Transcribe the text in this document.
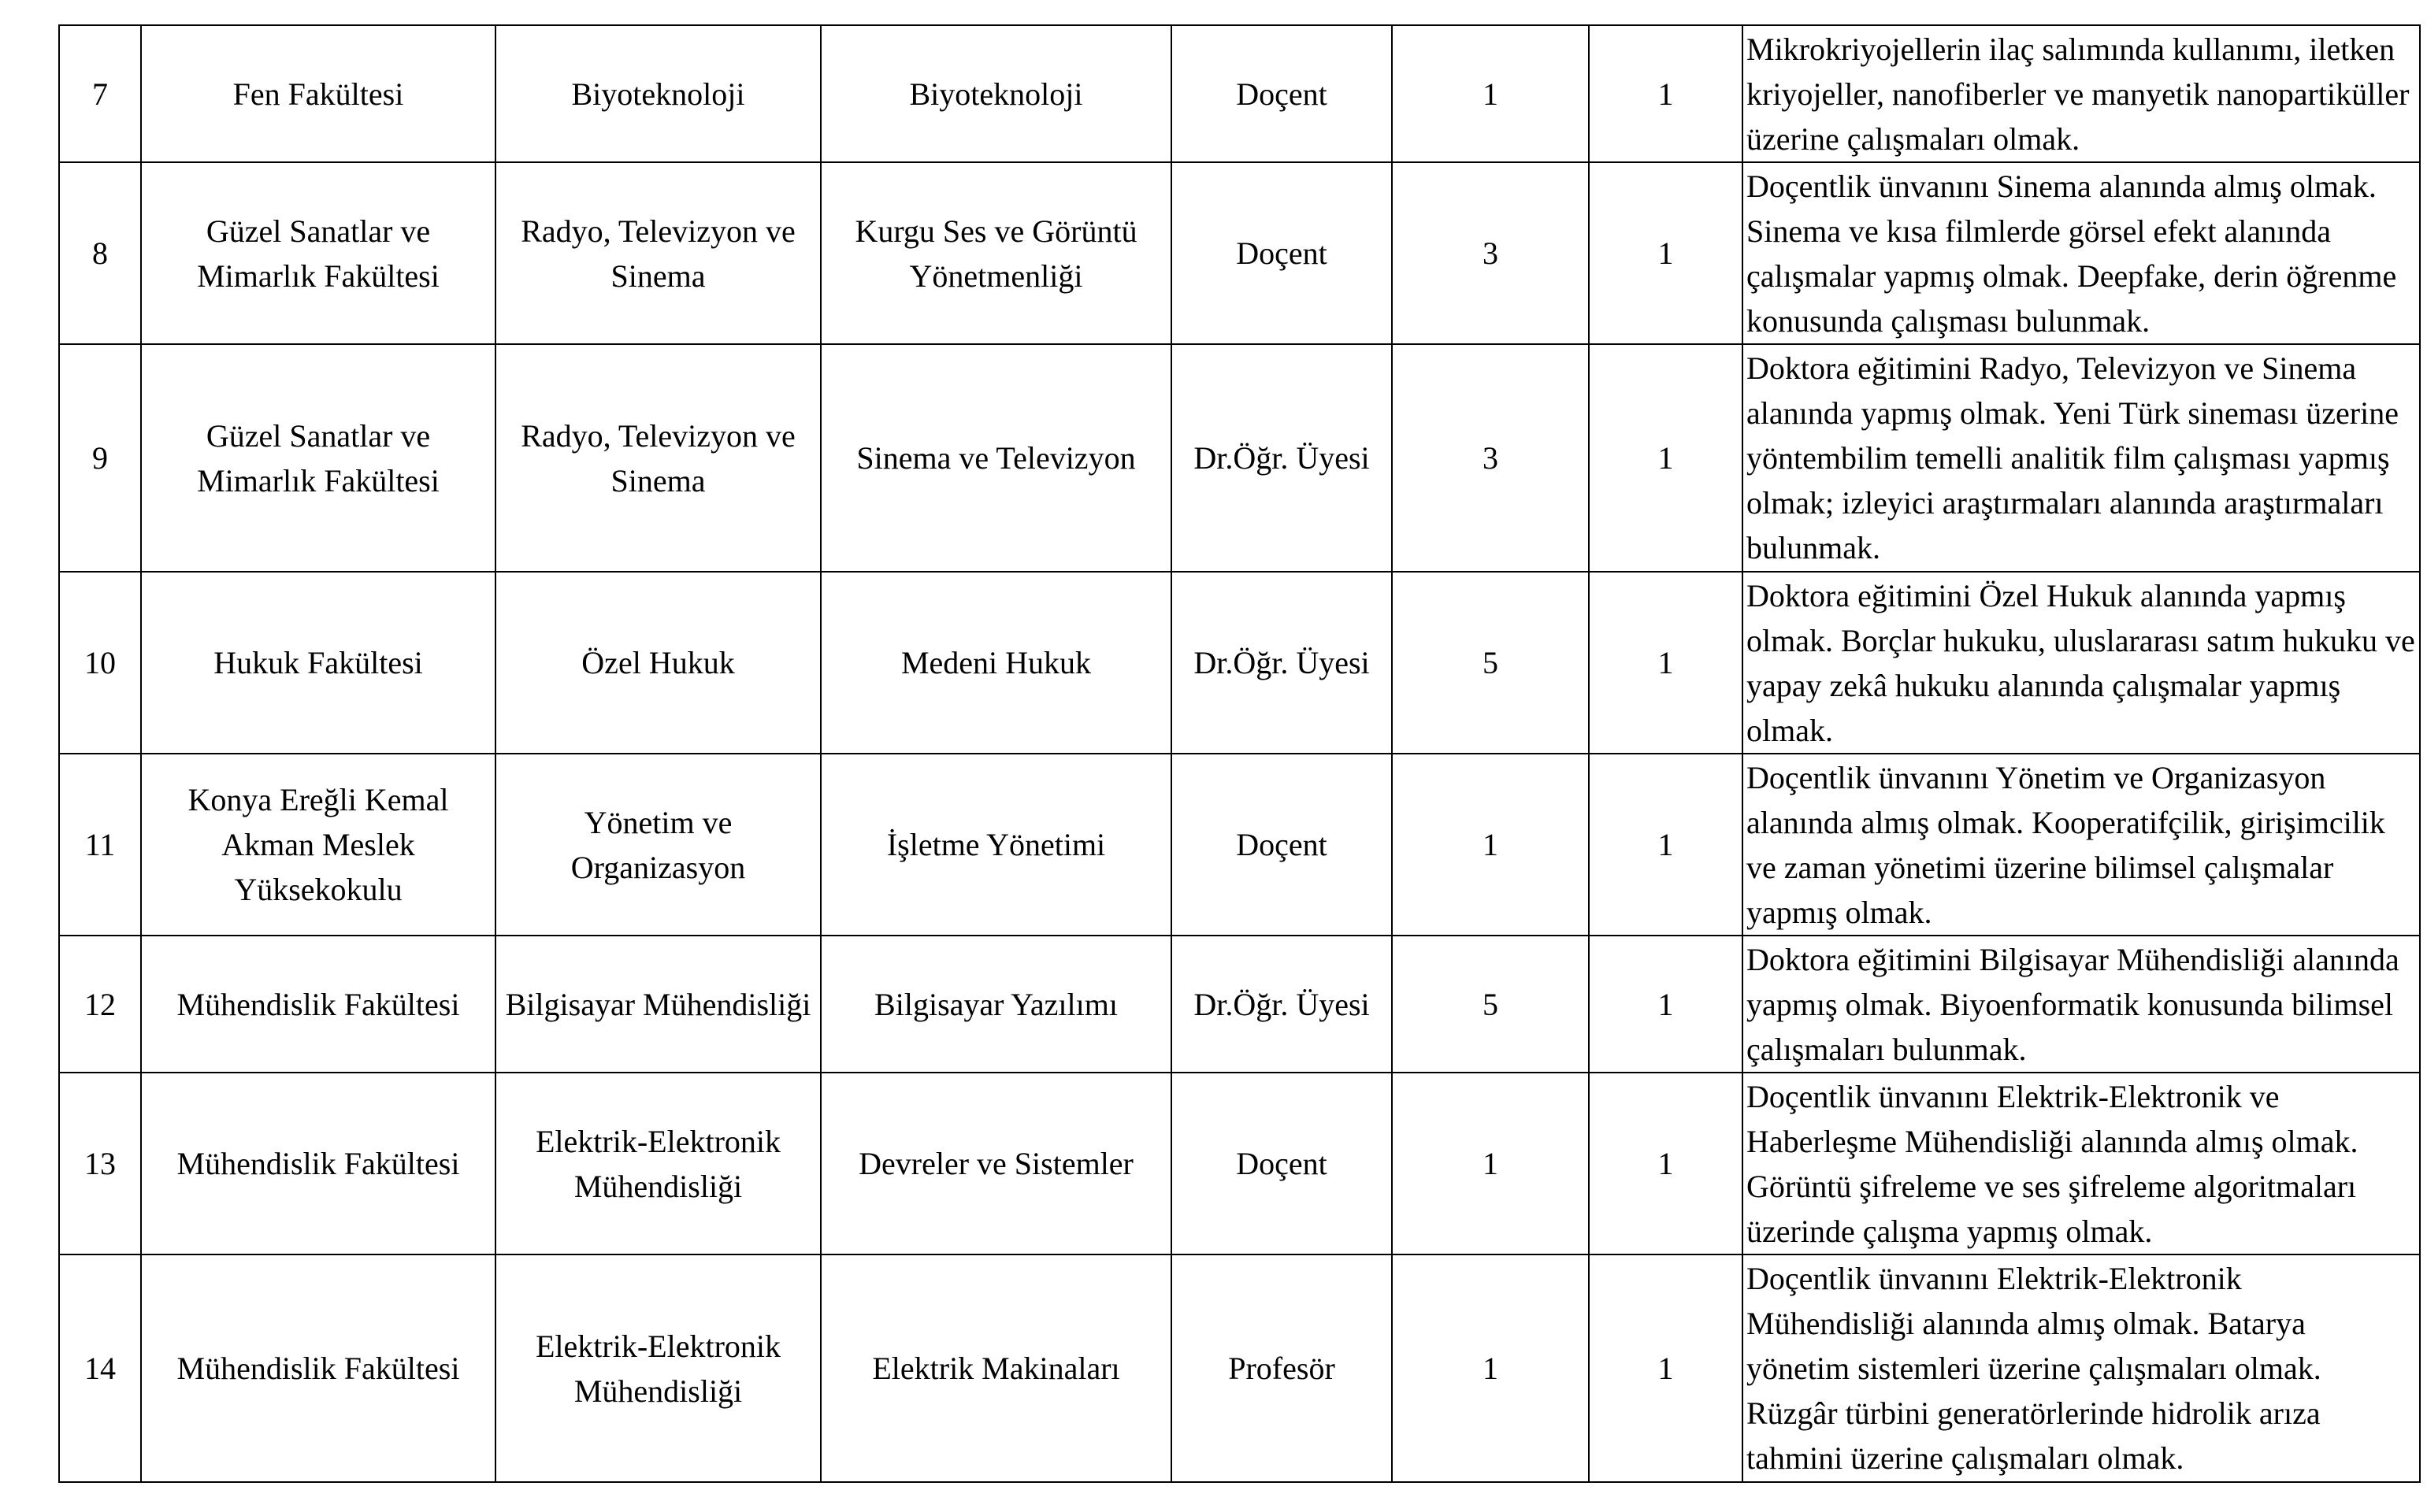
7	Fen Fakültesi	Biyoteknoloji	Biyoteknoloji	Doçent	1	1	Mikrokriyojellerin ilaç salımında kullanımı, iletken kriyojeller, nanofiberler ve manyetik nanopartiküller üzerine çalışmaları olmak.

8	Güzel Sanatlar ve Mimarlık Fakültesi	Radyo, Televizyon ve Sinema	Kurgu Ses ve Görüntü Yönetmenliği	Doçent	3	1	Doçentlik ünvanını Sinema alanında almış olmak. Sinema ve kısa filmlerde görsel efekt alanında çalışmalar yapmış olmak. Deepfake, derin öğrenme konusunda çalışması bulunmak.

9	Güzel Sanatlar ve Mimarlık Fakültesi	Radyo, Televizyon ve Sinema	Sinema ve Televizyon	Dr.Öğr. Üyesi	3	1	Doktora eğitimini Radyo, Televizyon ve Sinema alanında yapmış olmak. Yeni Türk sineması üzerine yöntembilim temelli analitik film çalışması yapmış olmak; izleyici araştırmaları alanında araştırmaları bulunmak.

10	Hukuk Fakültesi	Özel Hukuk	Medeni Hukuk	Dr.Öğr. Üyesi	5	1	Doktora eğitimini Özel Hukuk alanında yapmış olmak. Borçlar hukuku, uluslararası satım hukuku ve yapay zekâ hukuku alanında çalışmalar yapmış olmak.

11	Konya Ereğli Kemal Akman Meslek Yüksekokulu	Yönetim ve Organizasyon	İşletme Yönetimi	Doçent	1	1	Doçentlik ünvanını Yönetim ve Organizasyon alanında almış olmak. Kooperatifçilik, girişimcilik ve zaman yönetimi üzerine bilimsel çalışmalar yapmış olmak.

12	Mühendislik Fakültesi	Bilgisayar Mühendisliği	Bilgisayar Yazılımı	Dr.Öğr. Üyesi	5	1	Doktora eğitimini Bilgisayar Mühendisliği alanında yapmış olmak. Biyoenformatik konusunda bilimsel çalışmaları bulunmak.

13	Mühendislik Fakültesi	Elektrik-Elektronik Mühendisliği	Devreler ve Sistemler	Doçent	1	1	Doçentlik ünvanını Elektrik-Elektronik ve Haberleşme Mühendisliği alanında almış olmak. Görüntü şifreleme ve ses şifreleme algoritmaları üzerinde çalışma yapmış olmak.

14	Mühendislik Fakültesi	Elektrik-Elektronik Mühendisliği	Elektrik Makinaları	Profesör	1	1	Doçentlik ünvanını Elektrik-Elektronik Mühendisliği alanında almış olmak. Batarya yönetim sistemleri üzerine çalışmaları olmak. Rüzgâr türbini generatörlerinde hidrolik arıza tahmini üzerine çalışmaları olmak.
